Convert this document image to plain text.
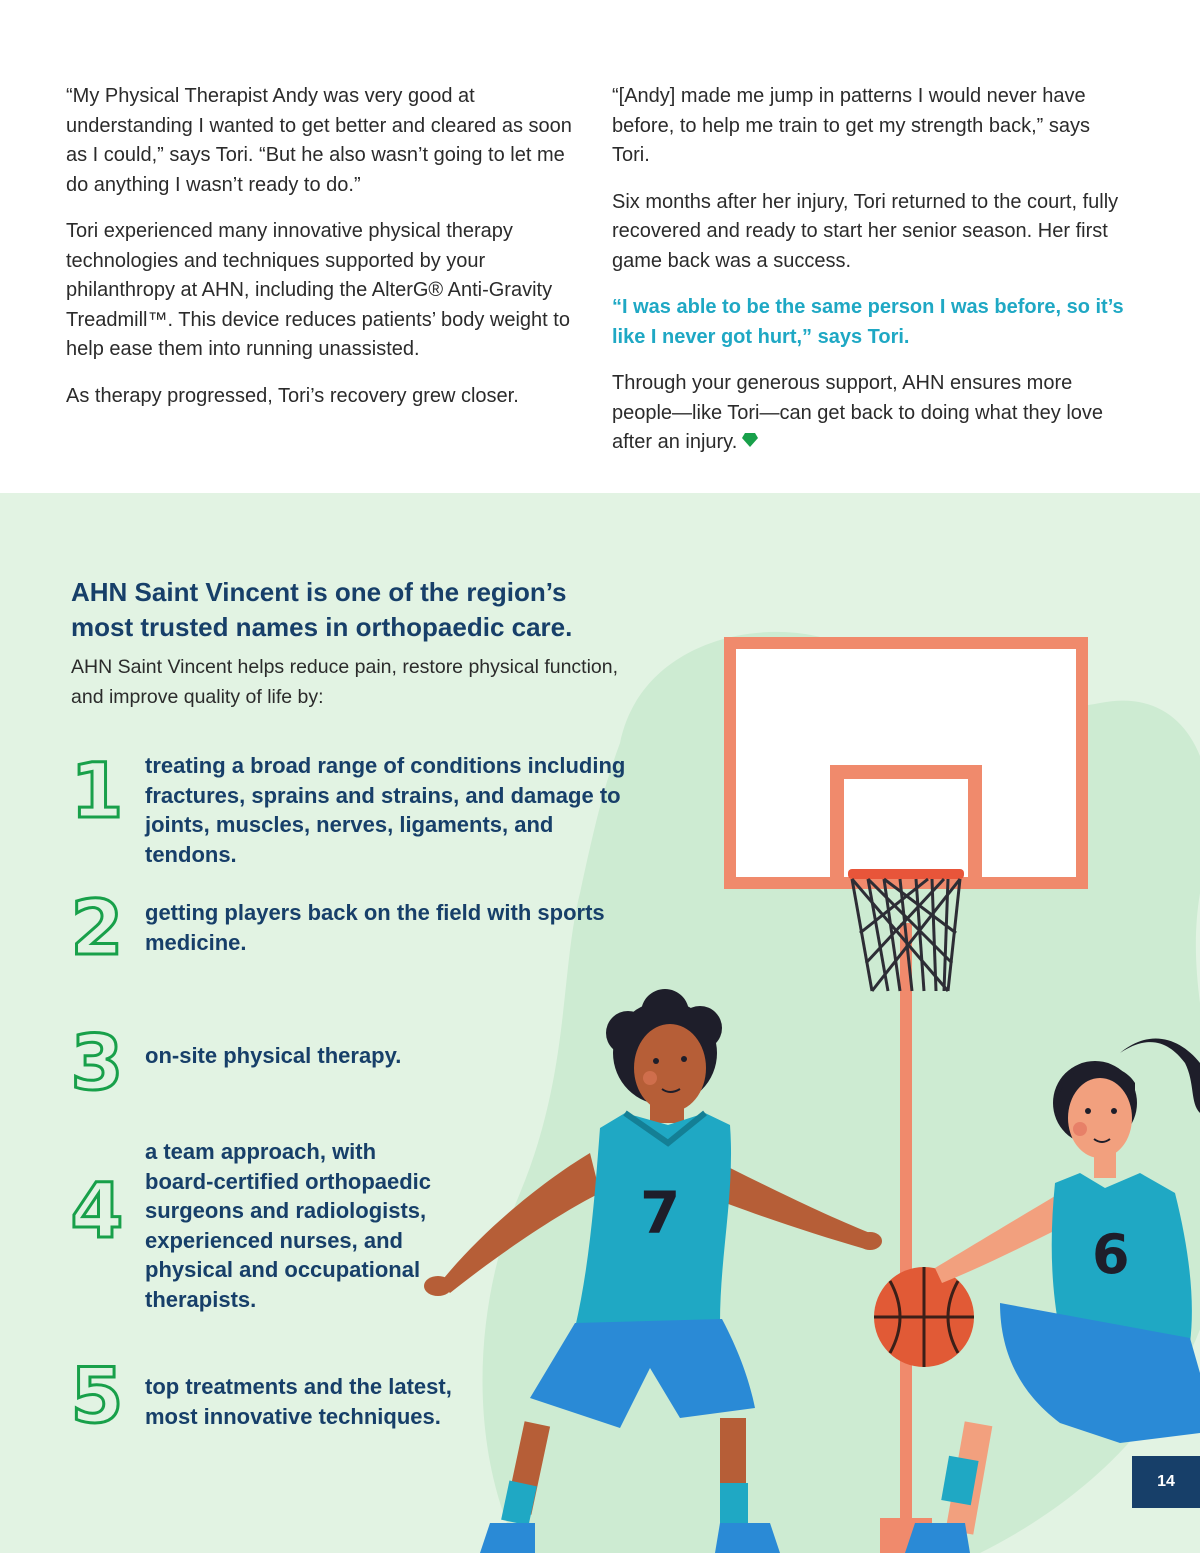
“My Physical Therapist Andy was very good at understanding I wanted to get better and cleared as soon as I could,” says Tori. “But he also wasn’t going to let me do anything I wasn’t ready to do.”

Tori experienced many innovative physical therapy technologies and techniques supported by your philanthropy at AHN, including the AlterG® Anti-Gravity Treadmill™. This device reduces patients’ body weight to help ease them into running unassisted.

As therapy progressed, Tori’s recovery grew closer.

“[Andy] made me jump in patterns I would never have before, to help me train to get my strength back,” says Tori.

Six months after her injury, Tori returned to the court, fully recovered and ready to start her senior season. Her first game back was a success.

“I was able to be the same person I was before, so it’s like I never got hurt,” says Tori.

Through your generous support, AHN ensures more people—like Tori—can get back to doing what they love after an injury.

7
6
AHN Saint Vincent is one of the region’s most trusted names in orthopaedic care.

AHN Saint Vincent helps reduce pain, restore physical function, and improve quality of life by:

1 treating a broad range of conditions including fractures, sprains and strains, and damage to joints, muscles, nerves, ligaments, and tendons.

2 getting players back on the field with sports medicine.

3 on-site physical therapy.

4

a team approach, with board-certified orthopaedic surgeons and radiologists, experienced nurses, and physical and occupational therapists.

5 top treatments and the latest, most innovative techniques.

14
